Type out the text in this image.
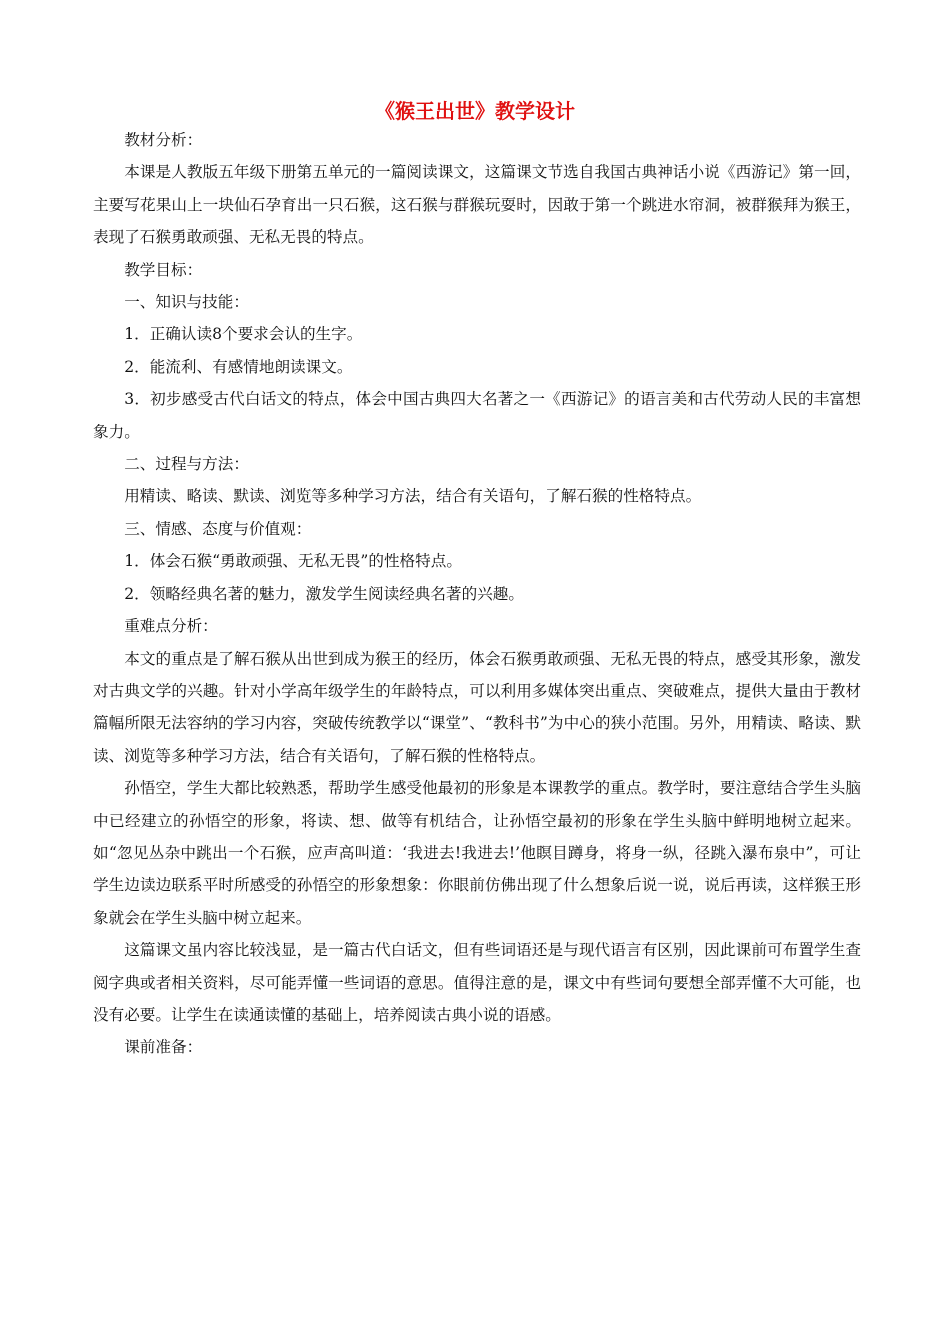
《猴王出世》教学设计

教材分析：

本课是人教版五年级下册第五单元的一篇阅读课文，这篇课文节选自我国古典神话小说《西游记》第一回，主要写花果山上一块仙石孕育出一只石猴，这石猴与群猴玩耍时，因敢于第一个跳进水帘洞，被群猴拜为猴王，表现了石猴勇敢顽强、无私无畏的特点。

教学目标：

一、知识与技能：

1．正确认读8个要求会认的生字。

2．能流利、有感情地朗读课文。

3．初步感受古代白话文的特点，体会中国古典四大名著之一《西游记》的语言美和古代劳动人民的丰富想象力。

二、过程与方法：

用精读、略读、默读、浏览等多种学习方法，结合有关语句，了解石猴的性格特点。

三、情感、态度与价值观：

1．体会石猴“勇敢顽强、无私无畏”的性格特点。

2．领略经典名著的魅力，激发学生阅读经典名著的兴趣。

重难点分析：

本文的重点是了解石猴从出世到成为猴王的经历，体会石猴勇敢顽强、无私无畏的特点，感受其形象，激发对古典文学的兴趣。针对小学高年级学生的年龄特点，可以利用多媒体突出重点、突破难点，提供大量由于教材篇幅所限无法容纳的学习内容，突破传统教学以“课堂”、“教科书”为中心的狭小范围。另外，用精读、略读、默读、浏览等多种学习方法，结合有关语句，了解石猴的性格特点。

孙悟空，学生大都比较熟悉，帮助学生感受他最初的形象是本课教学的重点。教学时，要注意结合学生头脑中已经建立的孙悟空的形象，将读、想、做等有机结合，让孙悟空最初的形象在学生头脑中鲜明地树立起来。如“忽见丛杂中跳出一个石猴，应声高叫道：‘我进去!我进去!’他瞑目蹲身，将身一纵，径跳入瀑布泉中”，可让学生边读边联系平时所感受的孙悟空的形象想象：你眼前仿佛出现了什么想象后说一说，说后再读，这样猴王形象就会在学生头脑中树立起来。

这篇课文虽内容比较浅显，是一篇古代白话文，但有些词语还是与现代语言有区别，因此课前可布置学生查阅字典或者相关资料，尽可能弄懂一些词语的意思。值得注意的是，课文中有些词句要想全部弄懂不大可能，也没有必要。让学生在读通读懂的基础上，培养阅读古典小说的语感。

课前准备：
